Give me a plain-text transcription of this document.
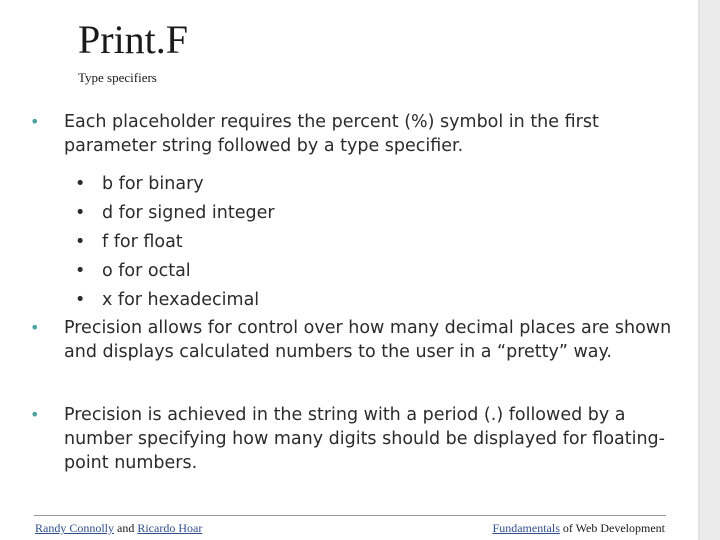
Print.F
Type specifiers
• Each placeholder requires the percent (%) symbol in the first parameter string followed by a type specifier.
• b for binary
• d for signed integer
• f for float
• o for octal
• x for hexadecimal
• Precision allows for control over how many decimal places are shown and displays calculated numbers to the user in a “pretty” way.
• Precision is achieved in the string with a period (.) followed by a number specifying how many digits should be displayed for floating-point numbers.
Randy Connolly and Ricardo Hoar	Fundamentals of Web Development
